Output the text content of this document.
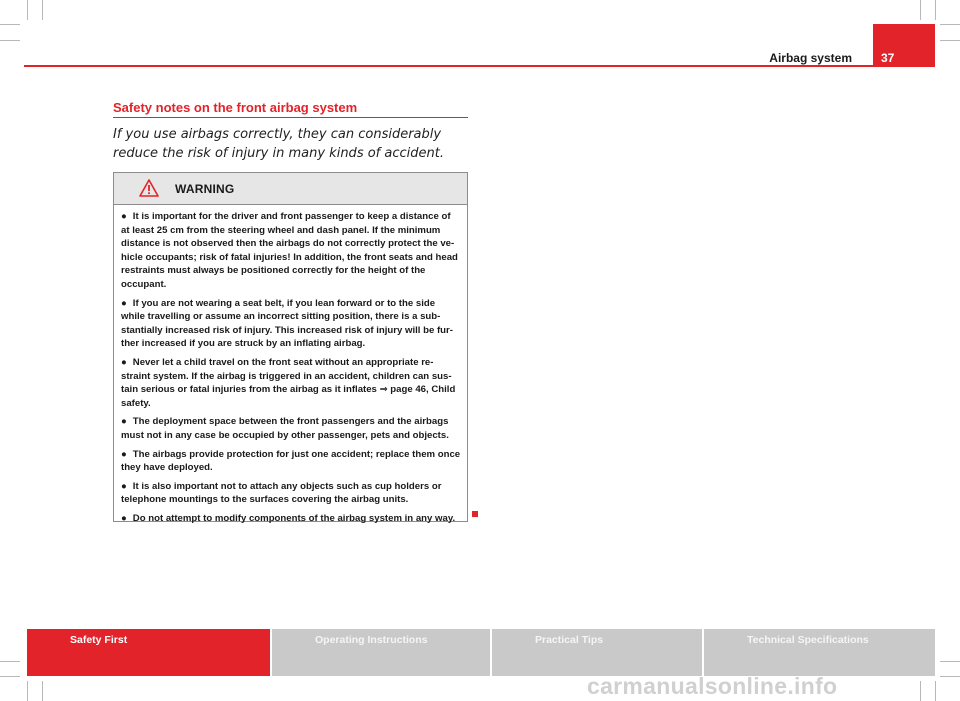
Airbag system	37
Safety notes on the front airbag system
If you use airbags correctly, they can considerably reduce the risk of injury in many kinds of accident.
WARNING

● It is important for the driver and front passenger to keep a distance of at least 25 cm from the steering wheel and dash panel. If the minimum distance is not observed then the airbags do not correctly protect the ve-hicle occupants; risk of fatal injuries! In addition, the front seats and head restraints must always be positioned correctly for the height of the occupant.

● If you are not wearing a seat belt, if you lean forward or to the side while travelling or assume an incorrect sitting position, there is a sub-stantially increased risk of injury. This increased risk of injury will be fur-ther increased if you are struck by an inflating airbag.

● Never let a child travel on the front seat without an appropriate re-straint system. If the airbag is triggered in an accident, children can sus-tain serious or fatal injuries from the airbag as it inflates ⇒ page 46, Child safety.

● The deployment space between the front passengers and the airbags must not in any case be occupied by other passenger, pets and objects.

● The airbags provide protection for just one accident; replace them once they have deployed.

● It is also important not to attach any objects such as cup holders or telephone mountings to the surfaces covering the airbag units.

● Do not attempt to modify components of the airbag system in any way.

Safety First	Operating Instructions	Practical Tips	Technical Specifications
carmanualsonline.info
